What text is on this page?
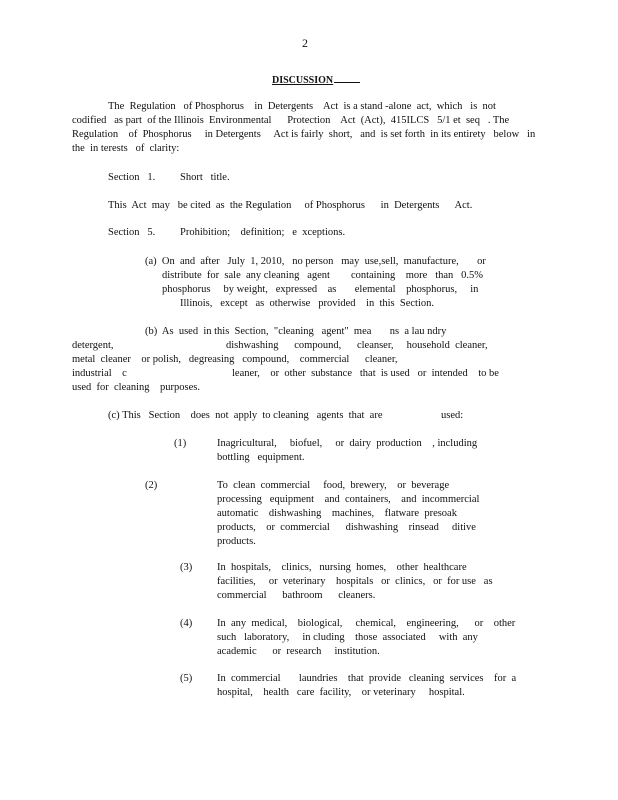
2
DISCUSSION
The  Regulation   of Phosphorus    in  Detergents    Act  is a stand -alone  act,  which   is  not
codified   as part  of the Illinois  Environmental      Protection    Act  (Act),  415ILCS   5/1 et  seq   . The
Regulation    of  Phosphorus     in Detergents     Act is fairly  short,   and  is set forth  in its entirety   below   in
the  in terests   of  clarity:
Section   1. Short   title.
This  Act  may   be cited  as  the Regulation     of Phosphorus      in  Detergents      Act.
Section   5. Prohibition;    definition;   e  xceptions.
(a)  On  and  after   July  1, 2010,   no person   may  use,sell,  manufacture,       or
distribute  for  sale  any cleaning   agent        containing    more   than   0.5%
phosphorus     by weight,   expressed    as       elemental    phosphorus,     in
Illinois,   except   as  otherwise   provided    in  this  Section.
(b)  As  used  in this  Section,  "cleaning   agent"  mea       ns  a lau ndry
detergent,	dishwashing      compound,      cleanser,     household  cleaner,
metal  cleaner    or polish,   degreasing   compound,    commercial      cleaner,
industrial    c	leaner,    or  other  substance   that  is used   or  intended    to be
used  for  cleaning    purposes.
(c) This   Section    does  not  apply  to cleaning   agents  that  are	used:
(1)	Inagricultural,     biofuel,     or  dairy  production    , including
bottling   equipment.
(2)	To  clean  commercial     food,  brewery,    or  beverage
processing   equipment    and  containers,    and  incommercial
automatic    dishwashing    machines,    flatware  presoak
products,    or  commercial      dishwashing    rinsead     ditive
products.
(3) In  hospitals,    clinics,   nursing  homes,    other  healthcare
facilities,     or  veterinary    hospitals   or  clinics,   or  for use   as
commercial      bathroom      cleaners.
(4) In  any  medical,    biological,     chemical,    engineering,      or    other
such   laboratory,     in cluding    those  associated     with  any
academic      or  research     institution.
(5) In  commercial       laundries    that  provide   cleaning  services    for  a
hospital,    health   care  facility,    or veterinary     hospital.
